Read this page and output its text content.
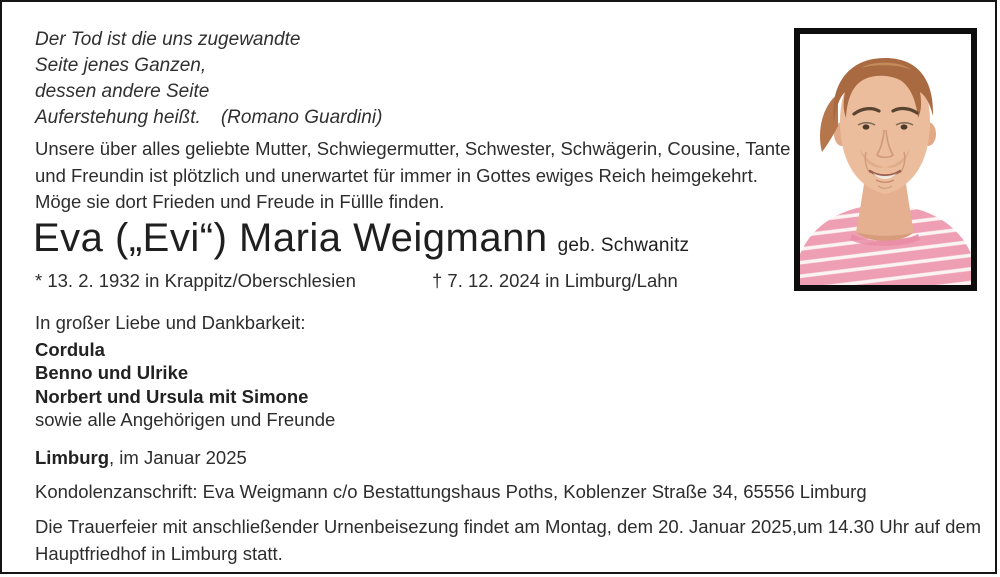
Der Tod ist die uns zugewandte
Seite jenes Ganzen,
dessen andere Seite
Auferstehung heißt. (Romano Guardini)
Unsere über alles geliebte Mutter, Schwiegermutter, Schwester, Schwägerin, Cousine, Tante
und Freundin ist plötzlich und unerwartet für immer in Gottes ewiges Reich heimgekehrt.
Möge sie dort Frieden und Freude in Füllle finden.
Eva („Evi“) Maria Weigmann geb. Schwanitz
* 13. 2. 1932 in Krappitz/Oberschlesien	† 7. 12. 2024 in Limburg/Lahn
In großer Liebe und Dankbarkeit:
Cordula
Benno und Ulrike
Norbert und Ursula mit Simone
sowie alle Angehörigen und Freunde
Limburg, im Januar 2025
Kondolenzanschrift: Eva Weigmann c/o Bestattungshaus Poths, Koblenzer Straße 34, 65556 Limburg
Die Trauerfeier mit anschließender Urnenbeisezung findet am Montag, dem 20. Januar 2025,um 14.30 Uhr auf dem
Hauptfriedhof in Limburg statt.
